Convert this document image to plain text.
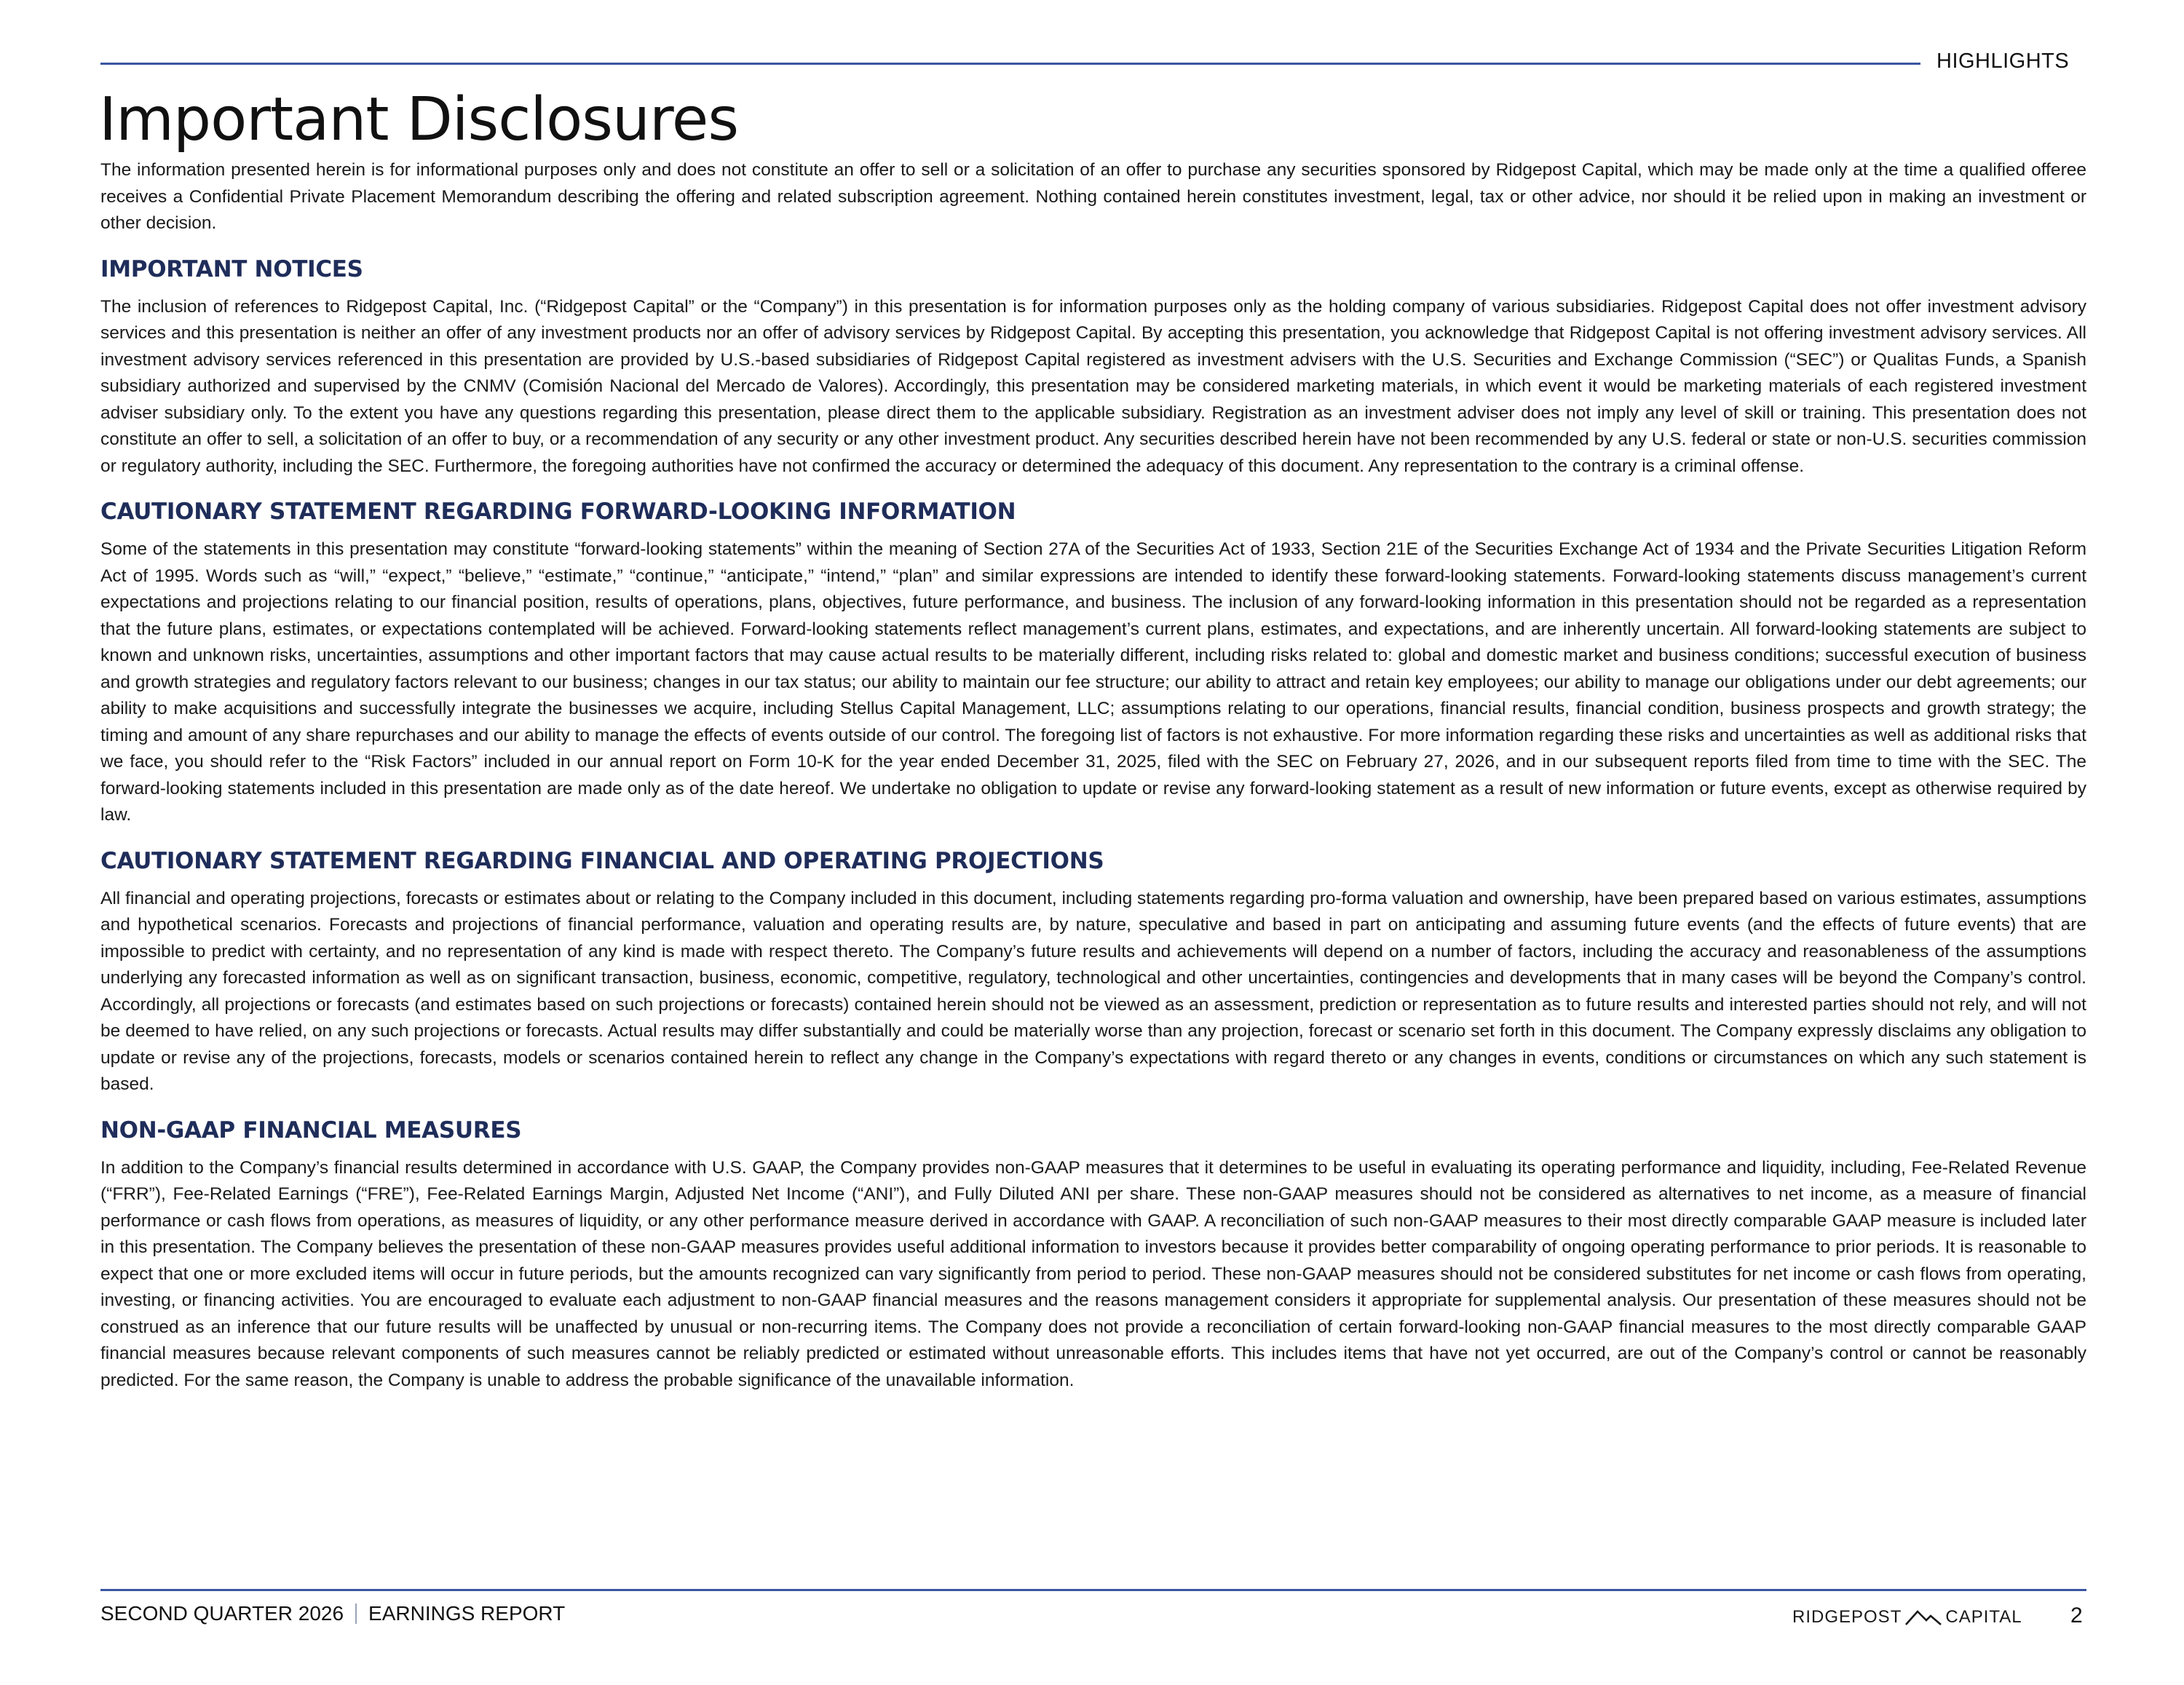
HIGHLIGHTS
Important Disclosures

The information presented herein is for informational purposes only and does not constitute an offer to sell or a solicitation of an offer to purchase any securities sponsored by Ridgepost Capital, which may be made only at the time a qualified offeree receives a Confidential Private Placement Memorandum describing the offering and related subscription agreement. Nothing contained herein constitutes investment, legal, tax or other advice, nor should it be relied upon in making an investment or other decision.

IMPORTANT NOTICES

The inclusion of references to Ridgepost Capital, Inc. (“Ridgepost Capital” or the “Company”) in this presentation is for information purposes only as the holding company of various subsidiaries. Ridgepost Capital does not offer investment advisory services and this presentation is neither an offer of any investment products nor an offer of advisory services by Ridgepost Capital. By accepting this presentation, you acknowledge that Ridgepost Capital is not offering investment advisory services. All investment advisory services referenced in this presentation are provided by U.S.-based subsidiaries of Ridgepost Capital registered as investment advisers with the U.S. Securities and Exchange Commission (“SEC”) or Qualitas Funds, a Spanish subsidiary authorized and supervised by the CNMV (Comisión Nacional del Mercado de Valores). Accordingly, this presentation may be considered marketing materials, in which event it would be marketing materials of each registered investment adviser subsidiary only. To the extent you have any questions regarding this presentation, please direct them to the applicable subsidiary. Registration as an investment adviser does not imply any level of skill or training. This presentation does not constitute an offer to sell, a solicitation of an offer to buy, or a recommendation of any security or any other investment product. Any securities described herein have not been recommended by any U.S. federal or state or non-U.S. securities commission or regulatory authority, including the SEC. Furthermore, the foregoing authorities have not confirmed the accuracy or determined the adequacy of this document. Any representation to the contrary is a criminal offense.

CAUTIONARY STATEMENT REGARDING FORWARD-LOOKING INFORMATION

Some of the statements in this presentation may constitute “forward-looking statements” within the meaning of Section 27A of the Securities Act of 1933, Section 21E of the Securities Exchange Act of 1934 and the Private Securities Litigation Reform Act of 1995. Words such as “will,” “expect,” “believe,” “estimate,” “continue,” “anticipate,” “intend,” “plan” and similar expressions are intended to identify these forward-looking statements. Forward-looking statements discuss management’s current expectations and projections relating to our financial position, results of operations, plans, objectives, future performance, and business. The inclusion of any forward-looking information in this presentation should not be regarded as a representation that the future plans, estimates, or expectations contemplated will be achieved. Forward-looking statements reflect management’s current plans, estimates, and expectations, and are inherently uncertain. All forward-looking statements are subject to known and unknown risks, uncertainties, assumptions and other important factors that may cause actual results to be materially different, including risks related to: global and domestic market and business conditions; successful execution of business and growth strategies and regulatory factors relevant to our business; changes in our tax status; our ability to maintain our fee structure; our ability to attract and retain key employees; our ability to manage our obligations under our debt agreements; our ability to make acquisitions and successfully integrate the businesses we acquire, including Stellus Capital Management, LLC; assumptions relating to our operations, financial results, financial condition, business prospects and growth strategy; the timing and amount of any share repurchases and our ability to manage the effects of events outside of our control. The foregoing list of factors is not exhaustive. For more information regarding these risks and uncertainties as well as additional risks that we face, you should refer to the “Risk Factors” included in our annual report on Form 10-K for the year ended December 31, 2025, filed with the SEC on February 27, 2026, and in our subsequent reports filed from time to time with the SEC. The forward-looking statements included in this presentation are made only as of the date hereof. We undertake no obligation to update or revise any forward-looking statement as a result of new information or future events, except as otherwise required by law.

CAUTIONARY STATEMENT REGARDING FINANCIAL AND OPERATING PROJECTIONS

All financial and operating projections, forecasts or estimates about or relating to the Company included in this document, including statements regarding pro-forma valuation and ownership, have been prepared based on various estimates, assumptions and hypothetical scenarios. Forecasts and projections of financial performance, valuation and operating results are, by nature, speculative and based in part on anticipating and assuming future events (and the effects of future events) that are impossible to predict with certainty, and no representation of any kind is made with respect thereto. The Company’s future results and achievements will depend on a number of factors, including the accuracy and reasonableness of the assumptions underlying any forecasted information as well as on significant transaction, business, economic, competitive, regulatory, technological and other uncertainties, contingencies and developments that in many cases will be beyond the Company’s control. Accordingly, all projections or forecasts (and estimates based on such projections or forecasts) contained herein should not be viewed as an assessment, prediction or representation as to future results and interested parties should not rely, and will not be deemed to have relied, on any such projections or forecasts. Actual results may differ substantially and could be materially worse than any projection, forecast or scenario set forth in this document. The Company expressly disclaims any obligation to update or revise any of the projections, forecasts, models or scenarios contained herein to reflect any change in the Company’s expectations with regard thereto or any changes in events, conditions or circumstances on which any such statement is based.

NON-GAAP FINANCIAL MEASURES

In addition to the Company’s financial results determined in accordance with U.S. GAAP, the Company provides non-GAAP measures that it determines to be useful in evaluating its operating performance and liquidity, including, Fee-Related Revenue (“FRR”), Fee-Related Earnings (“FRE”), Fee-Related Earnings Margin, Adjusted Net Income (“ANI”), and Fully Diluted ANI per share. These non-GAAP measures should not be considered as alternatives to net income, as a measure of financial performance or cash flows from operations, as measures of liquidity, or any other performance measure derived in accordance with GAAP. A reconciliation of such non-GAAP measures to their most directly comparable GAAP measure is included later in this presentation. The Company believes the presentation of these non-GAAP measures provides useful additional information to investors because it provides better comparability of ongoing operating performance to prior periods. It is reasonable to expect that one or more excluded items will occur in future periods, but the amounts recognized can vary significantly from period to period. These non-GAAP measures should not be considered substitutes for net income or cash flows from operating, investing, or financing activities. You are encouraged to evaluate each adjustment to non-GAAP financial measures and the reasons management considers it appropriate for supplemental analysis. Our presentation of these measures should not be construed as an inference that our future results will be unaffected by unusual or non-recurring items. The Company does not provide a reconciliation of certain forward-looking non-GAAP financial measures to the most directly comparable GAAP financial measures because relevant components of such measures cannot be reliably predicted or estimated without unreasonable efforts. This includes items that have not yet occurred, are out of the Company’s control or cannot be reasonably predicted. For the same reason, the Company is unable to address the probable significance of the unavailable information.

SECOND QUARTER 2026 EARNINGS REPORT	RIDGEPOST	CAPITAL 2
